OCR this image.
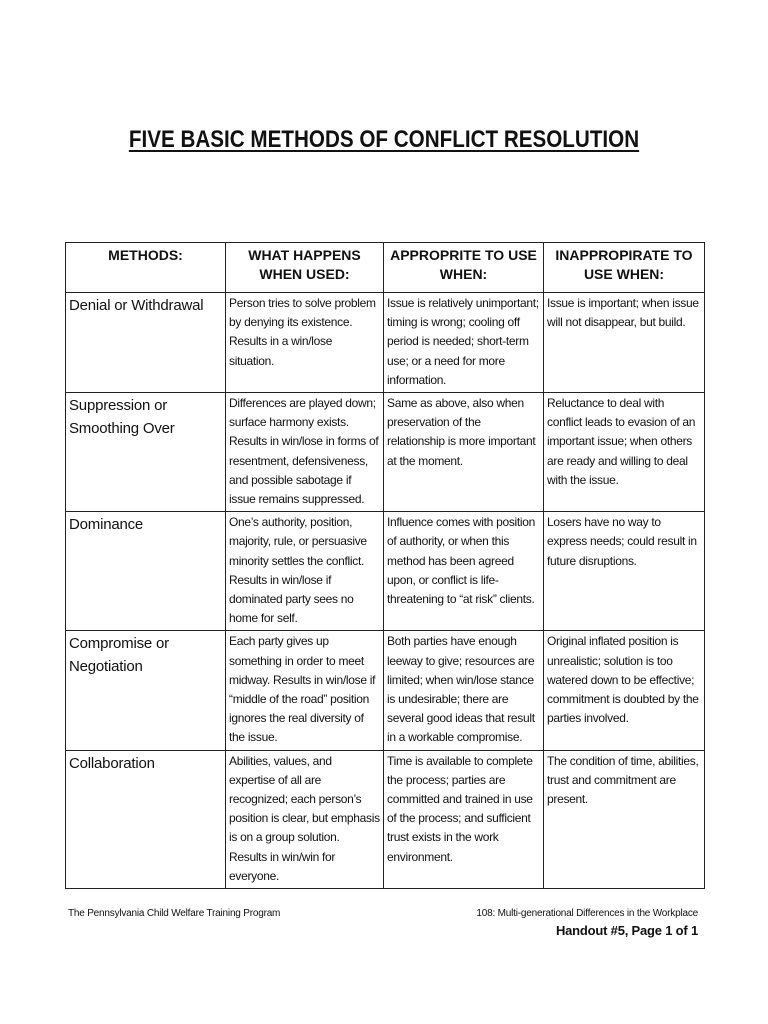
FIVE BASIC METHODS OF CONFLICT RESOLUTION
METHODS:	WHAT HAPPENS WHEN USED:	APPROPRITE TO USE WHEN:	INAPPROPIRATE TO USE WHEN:
Denial or Withdrawal	Person tries to solve problem by denying its existence. Results in a win/lose situation.	Issue is relatively unimportant; timing is wrong; cooling off period is needed; short-term use; or a need for more information.	Issue is important; when issue will not disappear, but build.
Suppression or Smoothing Over	Differences are played down; surface harmony exists. Results in win/lose in forms of resentment, defensiveness, and possible sabotage if issue remains suppressed.	Same as above, also when preservation of the relationship is more important at the moment.	Reluctance to deal with conflict leads to evasion of an important issue; when others are ready and willing to deal with the issue.
Dominance	One’s authority, position, majority, rule, or persuasive minority settles the conflict. Results in win/lose if dominated party sees no home for self.	Influence comes with position of authority, or when this method has been agreed upon, or conflict is life-threatening to “at risk” clients.	Losers have no way to express needs; could result in future disruptions.
Compromise or Negotiation	Each party gives up something in order to meet midway. Results in win/lose if “middle of the road” position ignores the real diversity of the issue.	Both parties have enough leeway to give; resources are limited; when win/lose stance is undesirable; there are several good ideas that result in a workable compromise.	Original inflated position is unrealistic; solution is too watered down to be effective; commitment is doubted by the parties involved.
Collaboration	Abilities, values, and expertise of all are recognized; each person’s position is clear, but emphasis is on a group solution. Results in win/win for everyone.	Time is available to complete the process; parties are committed and trained in use of the process; and sufficient trust exists in the work environment.	The condition of time, abilities, trust and commitment are present.
The Pennsylvania Child Welfare Training Program	108: Multi-generational Differences in the Workplace
Handout #5, Page 1 of 1
